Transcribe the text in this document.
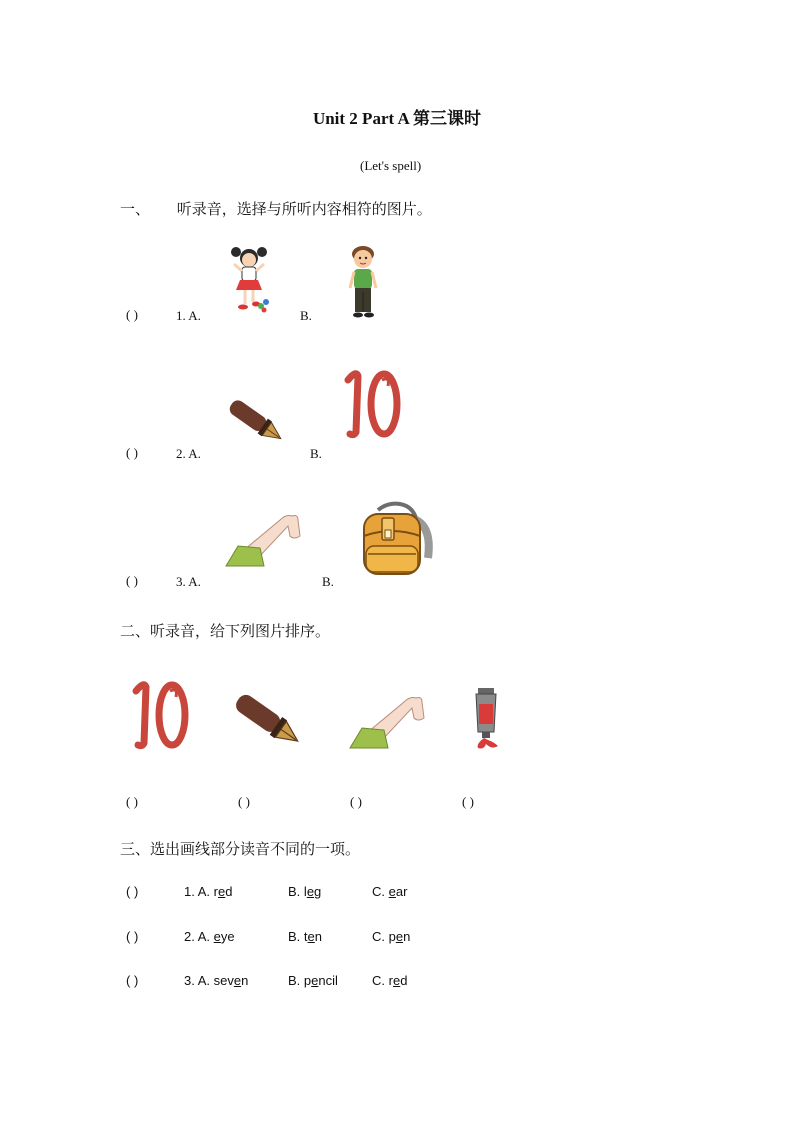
Unit 2 Part A 第三课时
(Let's spell)
一、 听录音，选择与所听内容相符的图片。
( )	1. A.	B.
( )	2. A.	B.
( )	3. A.	B.
二、听录音，给下列图片排序。
( )	( )	( )	( )
三、选出画线部分读音不同的一项。
( )	1. A. red	B. leg	C. ear
( )	2. A. eye	B. ten	C. pen
( )	3. A. seven	B. pencil	C. red
